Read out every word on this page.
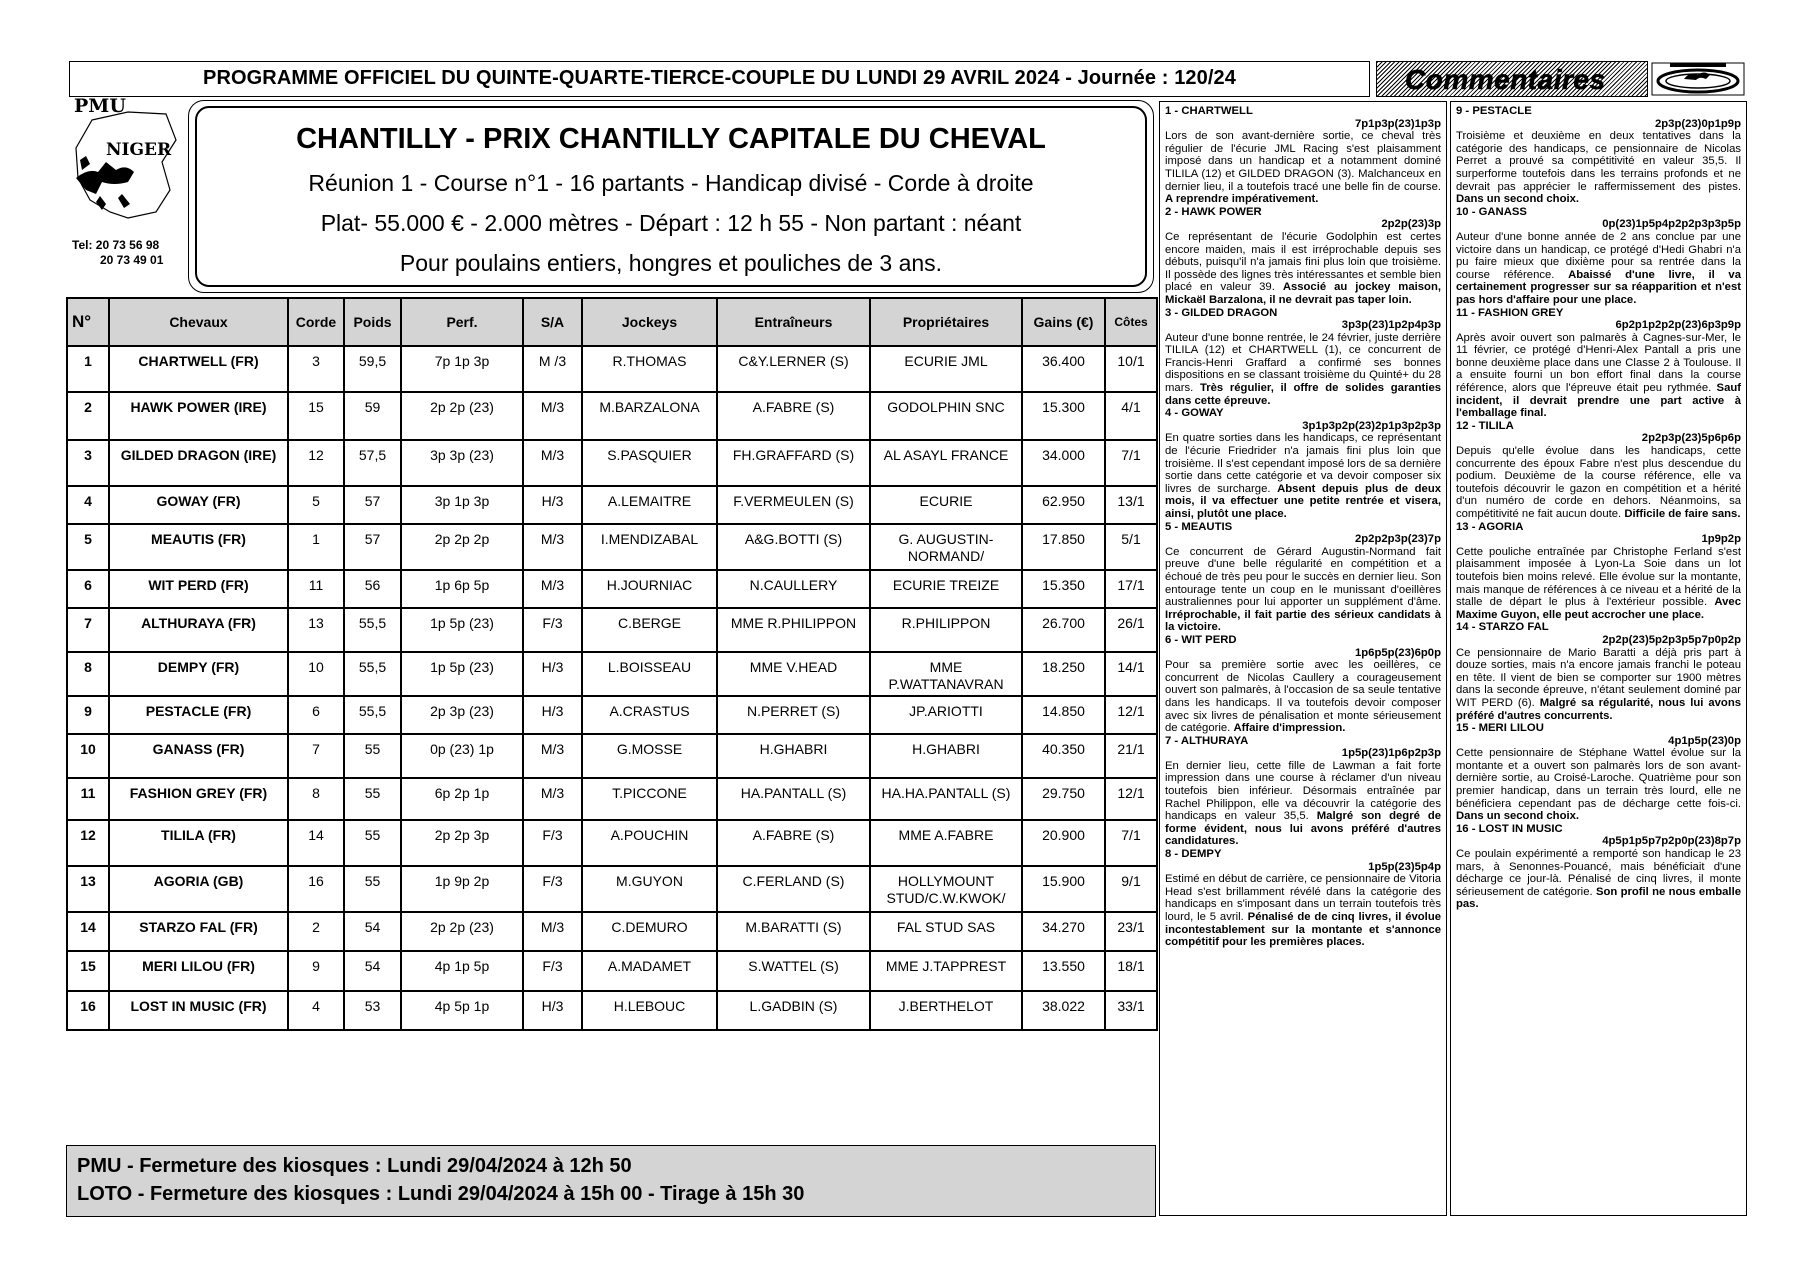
PROGRAMME OFFICIEL DU QUINTE-QUARTE-TIERCE-COUPLE DU LUNDI 29 AVRIL 2024 - Journée : 120/24	Commentaires
PMU
NIGER
Tel: 20 73 56 98
20 73 49 01
CHANTILLY - PRIX CHANTILLY CAPITALE DU CHEVAL
Réunion 1 - Course n°1 - 16 partants - Handicap divisé - Corde à droite
Plat- 55.000 € - 2.000 mètres - Départ : 12 h 55 - Non partant : néant
Pour poulains entiers, hongres et pouliches de 3 ans.
N°	Chevaux	Corde	Poids	Perf.	S/A	Jockeys	Entraîneurs	Propriétaires	Gains (€)	Côtes
1	CHARTWELL (FR)	3	59,5	7p 1p 3p	M /3	R.THOMAS	C&Y.LERNER (S)	ECURIE JML	36.400	10/1
2	HAWK POWER (IRE)	15	59	2p 2p (23)	M/3	M.BARZALONA	A.FABRE (S)	GODOLPHIN SNC	15.300	4/1
3	GILDED DRAGON (IRE)	12	57,5	3p 3p (23)	M/3	S.PASQUIER	FH.GRAFFARD (S)	AL ASAYL FRANCE	34.000	7/1
4	GOWAY (FR)	5	57	3p 1p 3p	H/3	A.LEMAITRE	F.VERMEULEN (S)	ECURIE	62.950	13/1
5	MEAUTIS (FR)	1	57	2p 2p 2p	M/3	I.MENDIZABAL	A&G.BOTTI (S)	G. AUGUSTIN-NORMAND/	17.850	5/1
6	WIT PERD (FR)	11	56	1p 6p 5p	M/3	H.JOURNIAC	N.CAULLERY	ECURIE TREIZE	15.350	17/1
7	ALTHURAYA (FR)	13	55,5	1p 5p (23)	F/3	C.BERGE	MME R.PHILIPPON	R.PHILIPPON	26.700	26/1
8	DEMPY (FR)	10	55,5	1p 5p (23)	H/3	L.BOISSEAU	MME V.HEAD	MME P.WATTANAVRAN	18.250	14/1
9	PESTACLE (FR)	6	55,5	2p 3p (23)	H/3	A.CRASTUS	N.PERRET (S)	JP.ARIOTTI	14.850	12/1
10	GANASS (FR)	7	55	0p (23) 1p	M/3	G.MOSSE	H.GHABRI	H.GHABRI	40.350	21/1
11	FASHION GREY (FR)	8	55	6p 2p 1p	M/3	T.PICCONE	HA.PANTALL (S)	HA.HA.PANTALL (S)	29.750	12/1
12	TILILA (FR)	14	55	2p 2p 3p	F/3	A.POUCHIN	A.FABRE (S)	MME A.FABRE	20.900	7/1
13	AGORIA (GB)	16	55	1p 9p 2p	F/3	M.GUYON	C.FERLAND (S)	HOLLYMOUNT STUD/C.W.KWOK/	15.900	9/1
14	STARZO FAL (FR)	2	54	2p 2p (23)	M/3	C.DEMURO	M.BARATTI (S)	FAL STUD SAS	34.270	23/1
15	MERI LILOU (FR)	9	54	4p 1p 5p	F/3	A.MADAMET	S.WATTEL (S)	MME J.TAPPREST	13.550	18/1
16	LOST IN MUSIC (FR)	4	53	4p 5p 1p	H/3	H.LEBOUC	L.GADBIN (S)	J.BERTHELOT	38.022	33/1
PMU - Fermeture des kiosques : Lundi 29/04/2024 à 12h 50
LOTO - Fermeture des kiosques : Lundi 29/04/2024 à 15h 00 - Tirage à 15h 30
1 - CHARTWELL
7p1p3p(23)1p3p
Lors de son avant-dernière sortie, ce cheval très régulier de l'écurie JML Racing s'est plaisamment imposé dans un handicap et a notamment dominé TILILA (12) et GILDED DRAGON (3). Malchanceux en dernier lieu, il a toutefois tracé une belle fin de course. A reprendre impérativement.
2 - HAWK POWER
2p2p(23)3p
Ce représentant de l'écurie Godolphin est certes encore maiden, mais il est irréprochable depuis ses débuts, puisqu'il n'a jamais fini plus loin que troisième. Il possède des lignes très intéressantes et semble bien placé en valeur 39. Associé au jockey maison, Mickaël Barzalona, il ne devrait pas taper loin.
3 - GILDED DRAGON
3p3p(23)1p2p4p3p
Auteur d'une bonne rentrée, le 24 février, juste derrière TILILA (12) et CHARTWELL (1), ce concurrent de Francis-Henri Graffard a confirmé ses bonnes dispositions en se classant troisième du Quinté+ du 28 mars. Très régulier, il offre de solides garanties dans cette épreuve.
4 - GOWAY
3p1p3p2p(23)2p1p3p2p3p
En quatre sorties dans les handicaps, ce représentant de l'écurie Friedrider n'a jamais fini plus loin que troisième. Il s'est cependant imposé lors de sa dernière sortie dans cette catégorie et va devoir composer six livres de surcharge. Absent depuis plus de deux mois, il va effectuer une petite rentrée et visera, ainsi, plutôt une place.
5 - MEAUTIS
2p2p2p3p(23)7p
Ce concurrent de Gérard Augustin-Normand fait preuve d'une belle régularité en compétition et a échoué de très peu pour le succès en dernier lieu. Son entourage tente un coup en le munissant d'oeillères australiennes pour lui apporter un supplément d'âme. Irréprochable, il fait partie des sérieux candidats à la victoire.
6 - WIT PERD
1p6p5p(23)6p0p
Pour sa première sortie avec les oeillères, ce concurrent de Nicolas Caullery a courageusement ouvert son palmarès, à l'occasion de sa seule tentative dans les handicaps. Il va toutefois devoir composer avec six livres de pénalisation et monte sérieusement de catégorie. Affaire d'impression.
7 - ALTHURAYA
1p5p(23)1p6p2p3p
En dernier lieu, cette fille de Lawman a fait forte impression dans une course à réclamer d'un niveau toutefois bien inférieur. Désormais entraînée par Rachel Philippon, elle va découvrir la catégorie des handicaps en valeur 35,5. Malgré son degré de forme évident, nous lui avons préféré d'autres candidatures.
8 - DEMPY
1p5p(23)5p4p
Estimé en début de carrière, ce pensionnaire de Vitoria Head s'est brillamment révélé dans la catégorie des handicaps en s'imposant dans un terrain toutefois très lourd, le 5 avril. Pénalisé de de cinq livres, il évolue incontestablement sur la montante et s'annonce compétitif pour les premières places.
9 - PESTACLE
2p3p(23)0p1p9p
Troisième et deuxième en deux tentatives dans la catégorie des handicaps, ce pensionnaire de Nicolas Perret a prouvé sa compétitivité en valeur 35,5. Il surperforme toutefois dans les terrains profonds et ne devrait pas apprécier le raffermissement des pistes. Dans un second choix.
10 - GANASS
0p(23)1p5p4p2p2p3p3p5p
Auteur d'une bonne année de 2 ans conclue par une victoire dans un handicap, ce protégé d'Hedi Ghabri n'a pu faire mieux que dixième pour sa rentrée dans la course référence. Abaissé d'une livre, il va certainement progresser sur sa réapparition et n'est pas hors d'affaire pour une place.
11 - FASHION GREY
6p2p1p2p2p(23)6p3p9p
Après avoir ouvert son palmarès à Cagnes-sur-Mer, le 11 février, ce protégé d'Henri-Alex Pantall a pris une bonne deuxième place dans une Classe 2 à Toulouse. Il a ensuite fourni un bon effort final dans la course référence, alors que l'épreuve était peu rythmée. Sauf incident, il devrait prendre une part active à l'emballage final.
12 - TILILA
2p2p3p(23)5p6p6p
Depuis qu'elle évolue dans les handicaps, cette concurrente des époux Fabre n'est plus descendue du podium. Deuxième de la course référence, elle va toutefois découvrir le gazon en compétition et a hérité d'un numéro de corde en dehors. Néanmoins, sa compétitivité ne fait aucun doute. Difficile de faire sans.
13 - AGORIA
1p9p2p
Cette pouliche entraînée par Christophe Ferland s'est plaisamment imposée à Lyon-La Soie dans un lot toutefois bien moins relevé. Elle évolue sur la montante, mais manque de références à ce niveau et a hérité de la stalle de départ le plus à l'extérieur possible. Avec Maxime Guyon, elle peut accrocher une place.
14 - STARZO FAL
2p2p(23)5p2p3p5p7p0p2p
Ce pensionnaire de Mario Baratti a déjà pris part à douze sorties, mais n'a encore jamais franchi le poteau en tête. Il vient de bien se comporter sur 1900 mètres dans la seconde épreuve, n'étant seulement dominé par WIT PERD (6). Malgré sa régularité, nous lui avons préféré d'autres concurrents.
15 - MERI LILOU
4p1p5p(23)0p
Cette pensionnaire de Stéphane Wattel évolue sur la montante et a ouvert son palmarès lors de son avant-dernière sortie, au Croisé-Laroche. Quatrième pour son premier handicap, dans un terrain très lourd, elle ne bénéficiera cependant pas de décharge cette fois-ci. Dans un second choix.
16 - LOST IN MUSIC
4p5p1p5p7p2p0p(23)8p7p
Ce poulain expérimenté a remporté son handicap le 23 mars, à Senonnes-Pouancé, mais bénéficiait d'une décharge ce jour-là. Pénalisé de cinq livres, il monte sérieusement de catégorie. Son profil ne nous emballe pas.
